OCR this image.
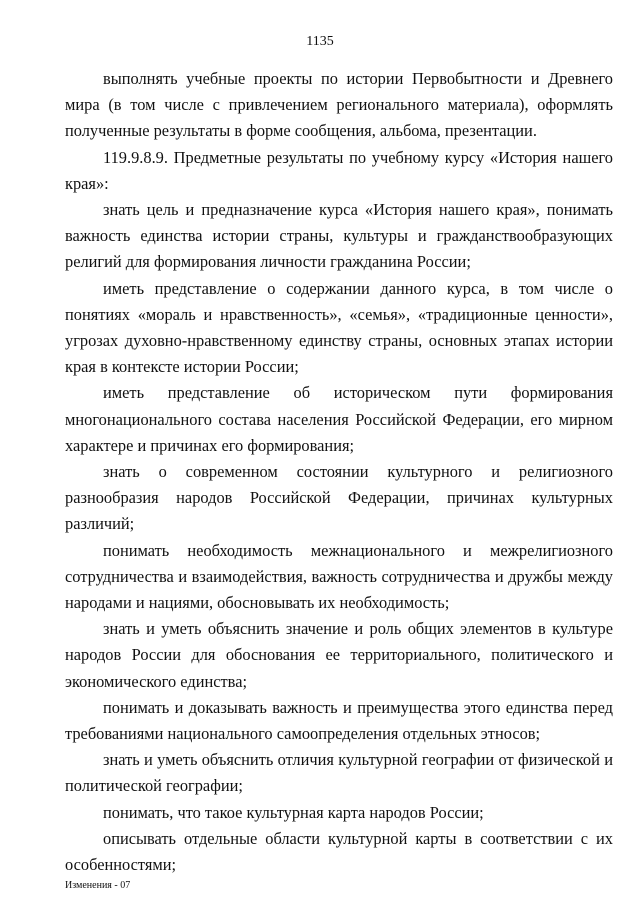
1135

выполнять учебные проекты по истории Первобытности и Древнего мира (в том числе с привлечением регионального материала), оформлять полученные результаты в форме сообщения, альбома, презентации.

119.9.8.9. Предметные результаты по учебному курсу «История нашего края»:

знать цель и предназначение курса «История нашего края», понимать важность единства истории страны, культуры и гражданствообразующих религий для формирования личности гражданина России;

иметь представление о содержании данного курса, в том числе о понятиях «мораль и нравственность», «семья», «традиционные ценности», угрозах духовно-нравственному единству страны, основных этапах истории края в контексте истории России;

иметь представление об историческом пути формирования многонационального состава населения Российской Федерации, его мирном характере и причинах его формирования;

знать о современном состоянии культурного и религиозного разнообразия народов Российской Федерации, причинах культурных различий;

понимать необходимость межнационального и межрелигиозного сотрудничества и взаимодействия, важность сотрудничества и дружбы между народами и нациями, обосновывать их необходимость;

знать и уметь объяснить значение и роль общих элементов в культуре народов России для обоснования ее территориального, политического и экономического единства;

понимать и доказывать важность и преимущества этого единства перед требованиями национального самоопределения отдельных этносов;

знать и уметь объяснить отличия культурной географии от физической и политической географии;

понимать, что такое культурная карта народов России;

описывать отдельные области культурной карты в соответствии с их особенностями;

Изменения - 07
